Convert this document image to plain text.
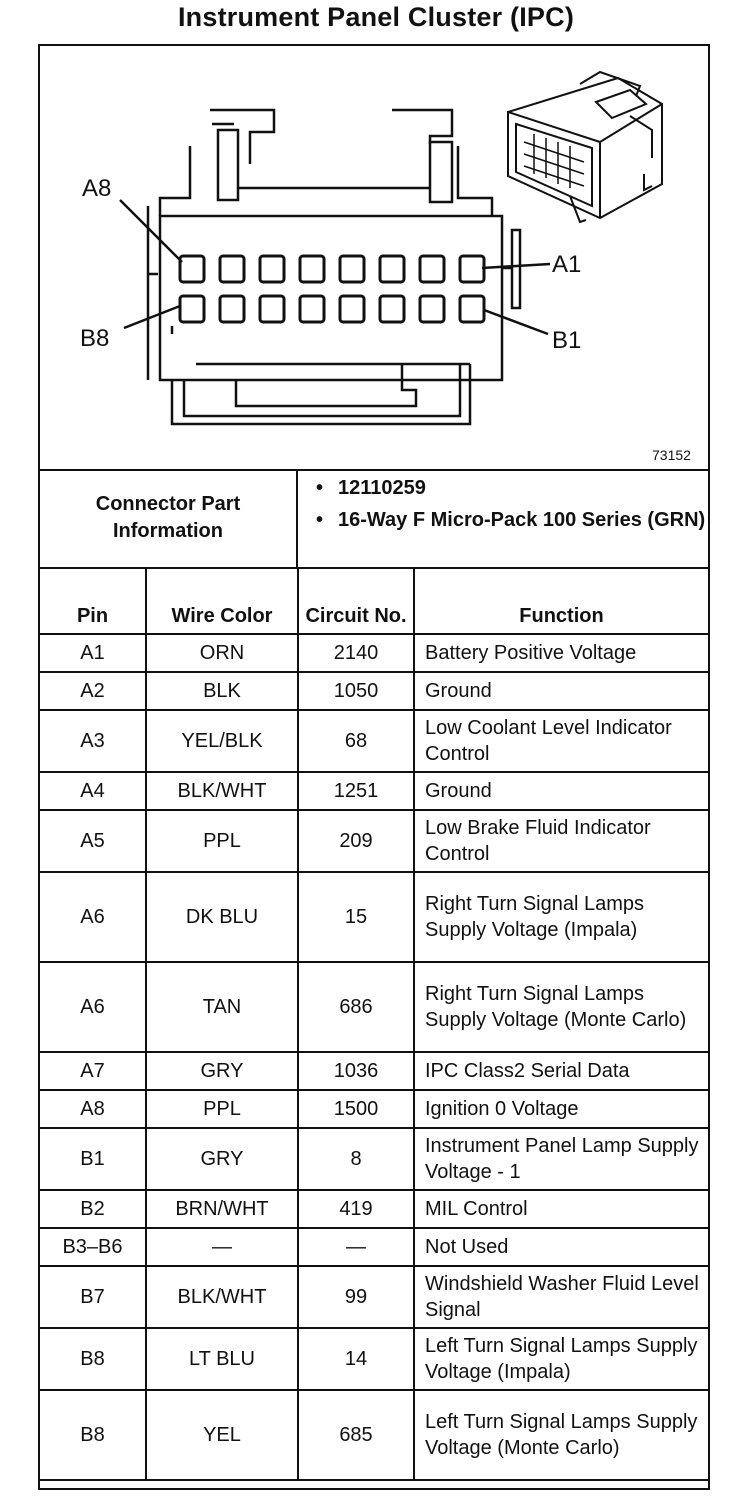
Instrument Panel Cluster (IPC)
A8
A1
B8	B1
73152
Connector Part Information
• 12110259
• 16-Way F Micro-Pack 100 Series (GRN)
Pin	Wire Color	Circuit No.	Function
A1	ORN	2140	Battery Positive Voltage
A2	BLK	1050	Ground
A3	YEL/BLK	68	Low Coolant Level Indicator Control
A4	BLK/WHT	1251	Ground
A5	PPL	209	Low Brake Fluid Indicator Control
A6	DK BLU	15	Right Turn Signal Lamps Supply Voltage (Impala)
A6	TAN	686	Right Turn Signal Lamps Supply Voltage (Monte Carlo)
A7	GRY	1036	IPC Class2 Serial Data
A8	PPL	1500	Ignition 0 Voltage
B1	GRY	8	Instrument Panel Lamp Supply Voltage - 1
B2	BRN/WHT	419	MIL Control
B3–B6	—	—	Not Used
B7	BLK/WHT	99	Windshield Washer Fluid Level Signal
B8	LT BLU	14	Left Turn Signal Lamps Supply Voltage (Impala)
B8	YEL	685	Left Turn Signal Lamps Supply Voltage (Monte Carlo)
